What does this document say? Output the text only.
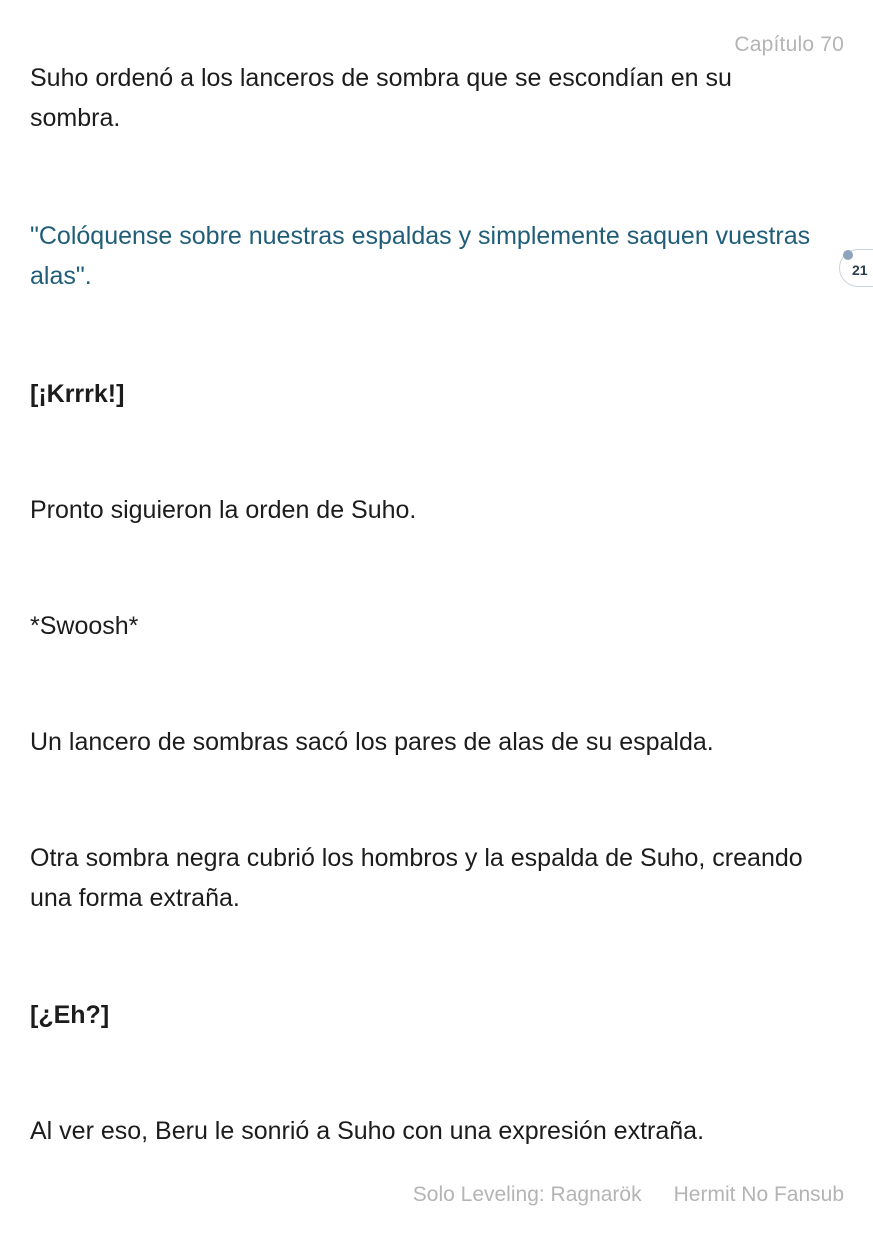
Capítulo 70

Suho ordenó a los lanceros de sombra que se escondían en su sombra.

"Colóquense sobre nuestras espaldas y simplemente saquen vuestras alas".

[¡Krrrk!]

Pronto siguieron la orden de Suho.

*Swoosh*

Un lancero de sombras sacó los pares de alas de su espalda.

Otra sombra negra cubrió los hombros y la espalda de Suho, creando una forma extraña.

[¿Eh?]

Al ver eso, Beru le sonrió a Suho con una expresión extraña.

21
Solo Leveling: Ragnarök Hermit No Fansub
